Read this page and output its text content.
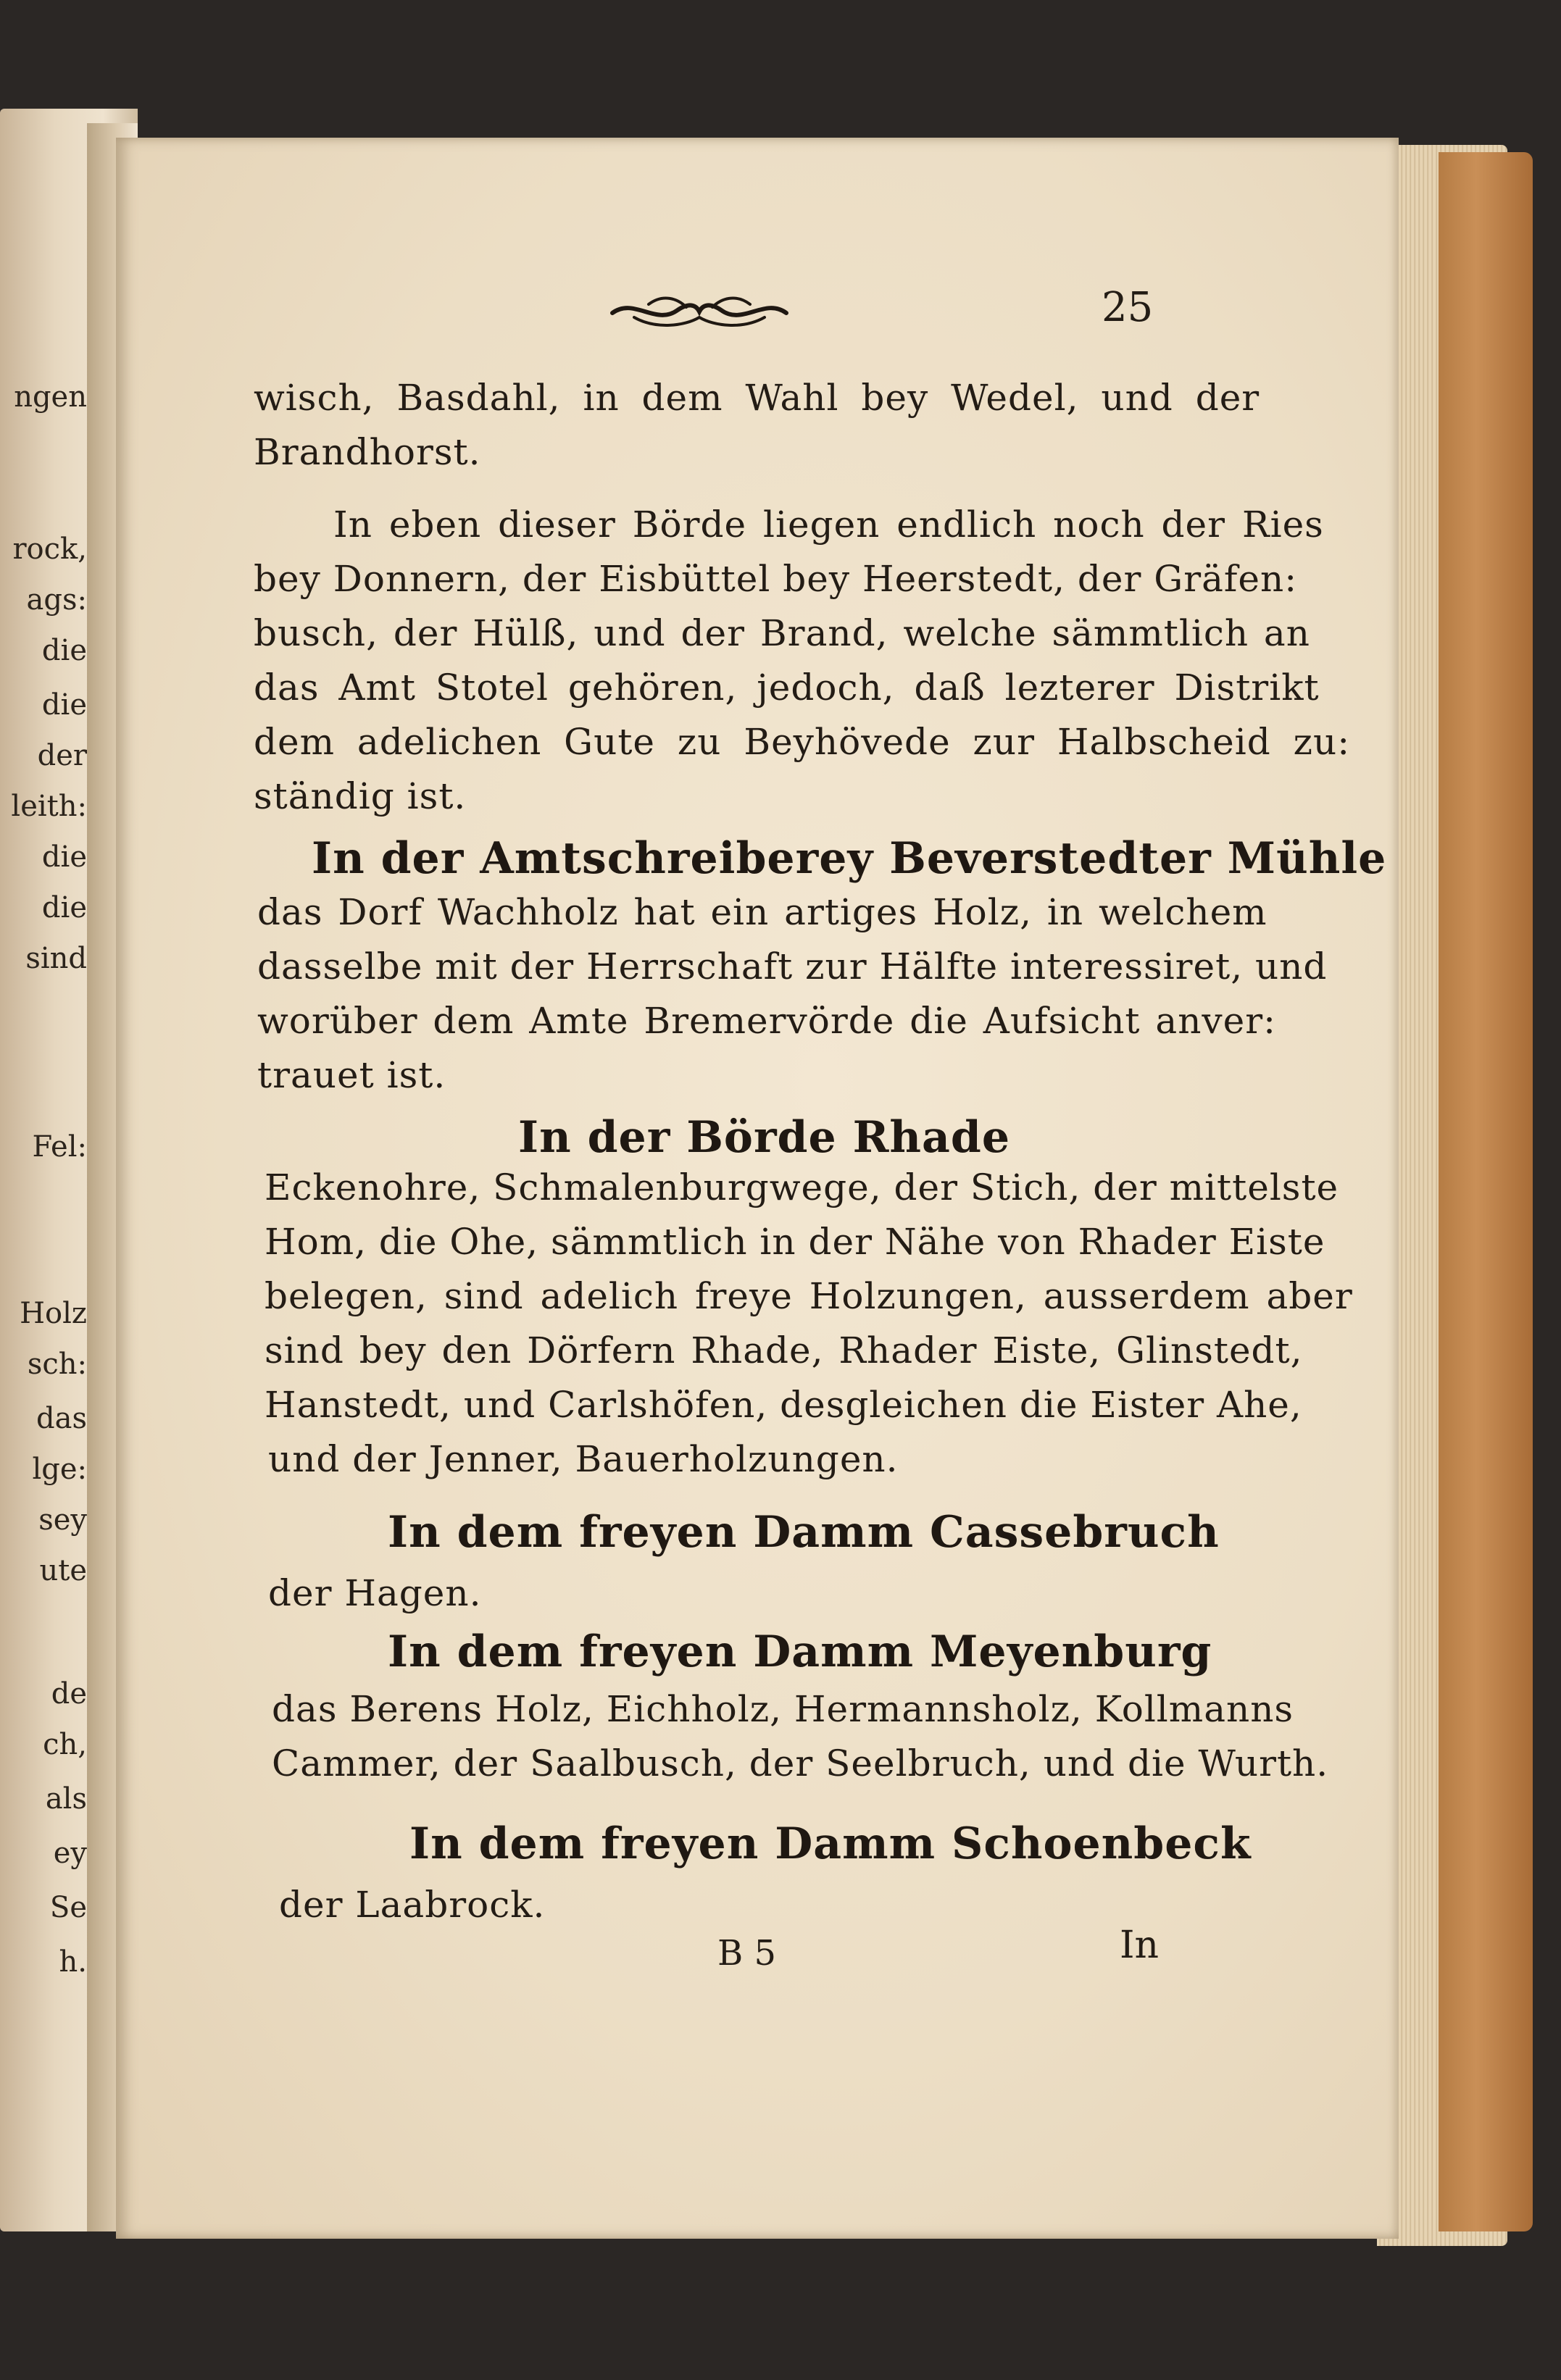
ngen
rock,
ags:
die
die
der
leith:
die
die
sind
Fel:
Holz
sch:
das
lge:
sey
ute
de
ch,
als
ey
Se
h.
25
wisch, Basdahl, in dem Wahl bey Wedel, und der
Brandhorst.
In eben dieser Börde liegen endlich noch der Ries
bey Donnern, der Eisbüttel bey Heerstedt, der Gräfen:
busch, der Hülß, und der Brand, welche sämmtlich an
das Amt Stotel gehören, jedoch, daß lezterer Distrikt
dem adelichen Gute zu Beyhövede zur Halbscheid zu:
ständig ist.
In der Amtschreiberey Beverstedter Mühle
das Dorf Wachholz hat ein artiges Holz, in welchem
dasselbe mit der Herrschaft zur Hälfte interessiret, und
worüber dem Amte Bremervörde die Aufsicht anver:
trauet ist.
In der Börde Rhade
Eckenohre, Schmalenburgwege, der Stich, der mittelste
Hom, die Ohe, sämmtlich in der Nähe von Rhader Eiste
belegen, sind adelich freye Holzungen, ausserdem aber
sind bey den Dörfern Rhade, Rhader Eiste, Glinstedt,
Hanstedt, und Carlshöfen, desgleichen die Eister Ahe,
und der Jenner, Bauerholzungen.
In dem freyen Damm Cassebruch
der Hagen.
In dem freyen Damm Meyenburg
das Berens Holz, Eichholz, Hermannsholz, Kollmanns
Cammer, der Saalbusch, der Seelbruch, und die Wurth.
In dem freyen Damm Schoenbeck
der Laabrock.
B 5	In
